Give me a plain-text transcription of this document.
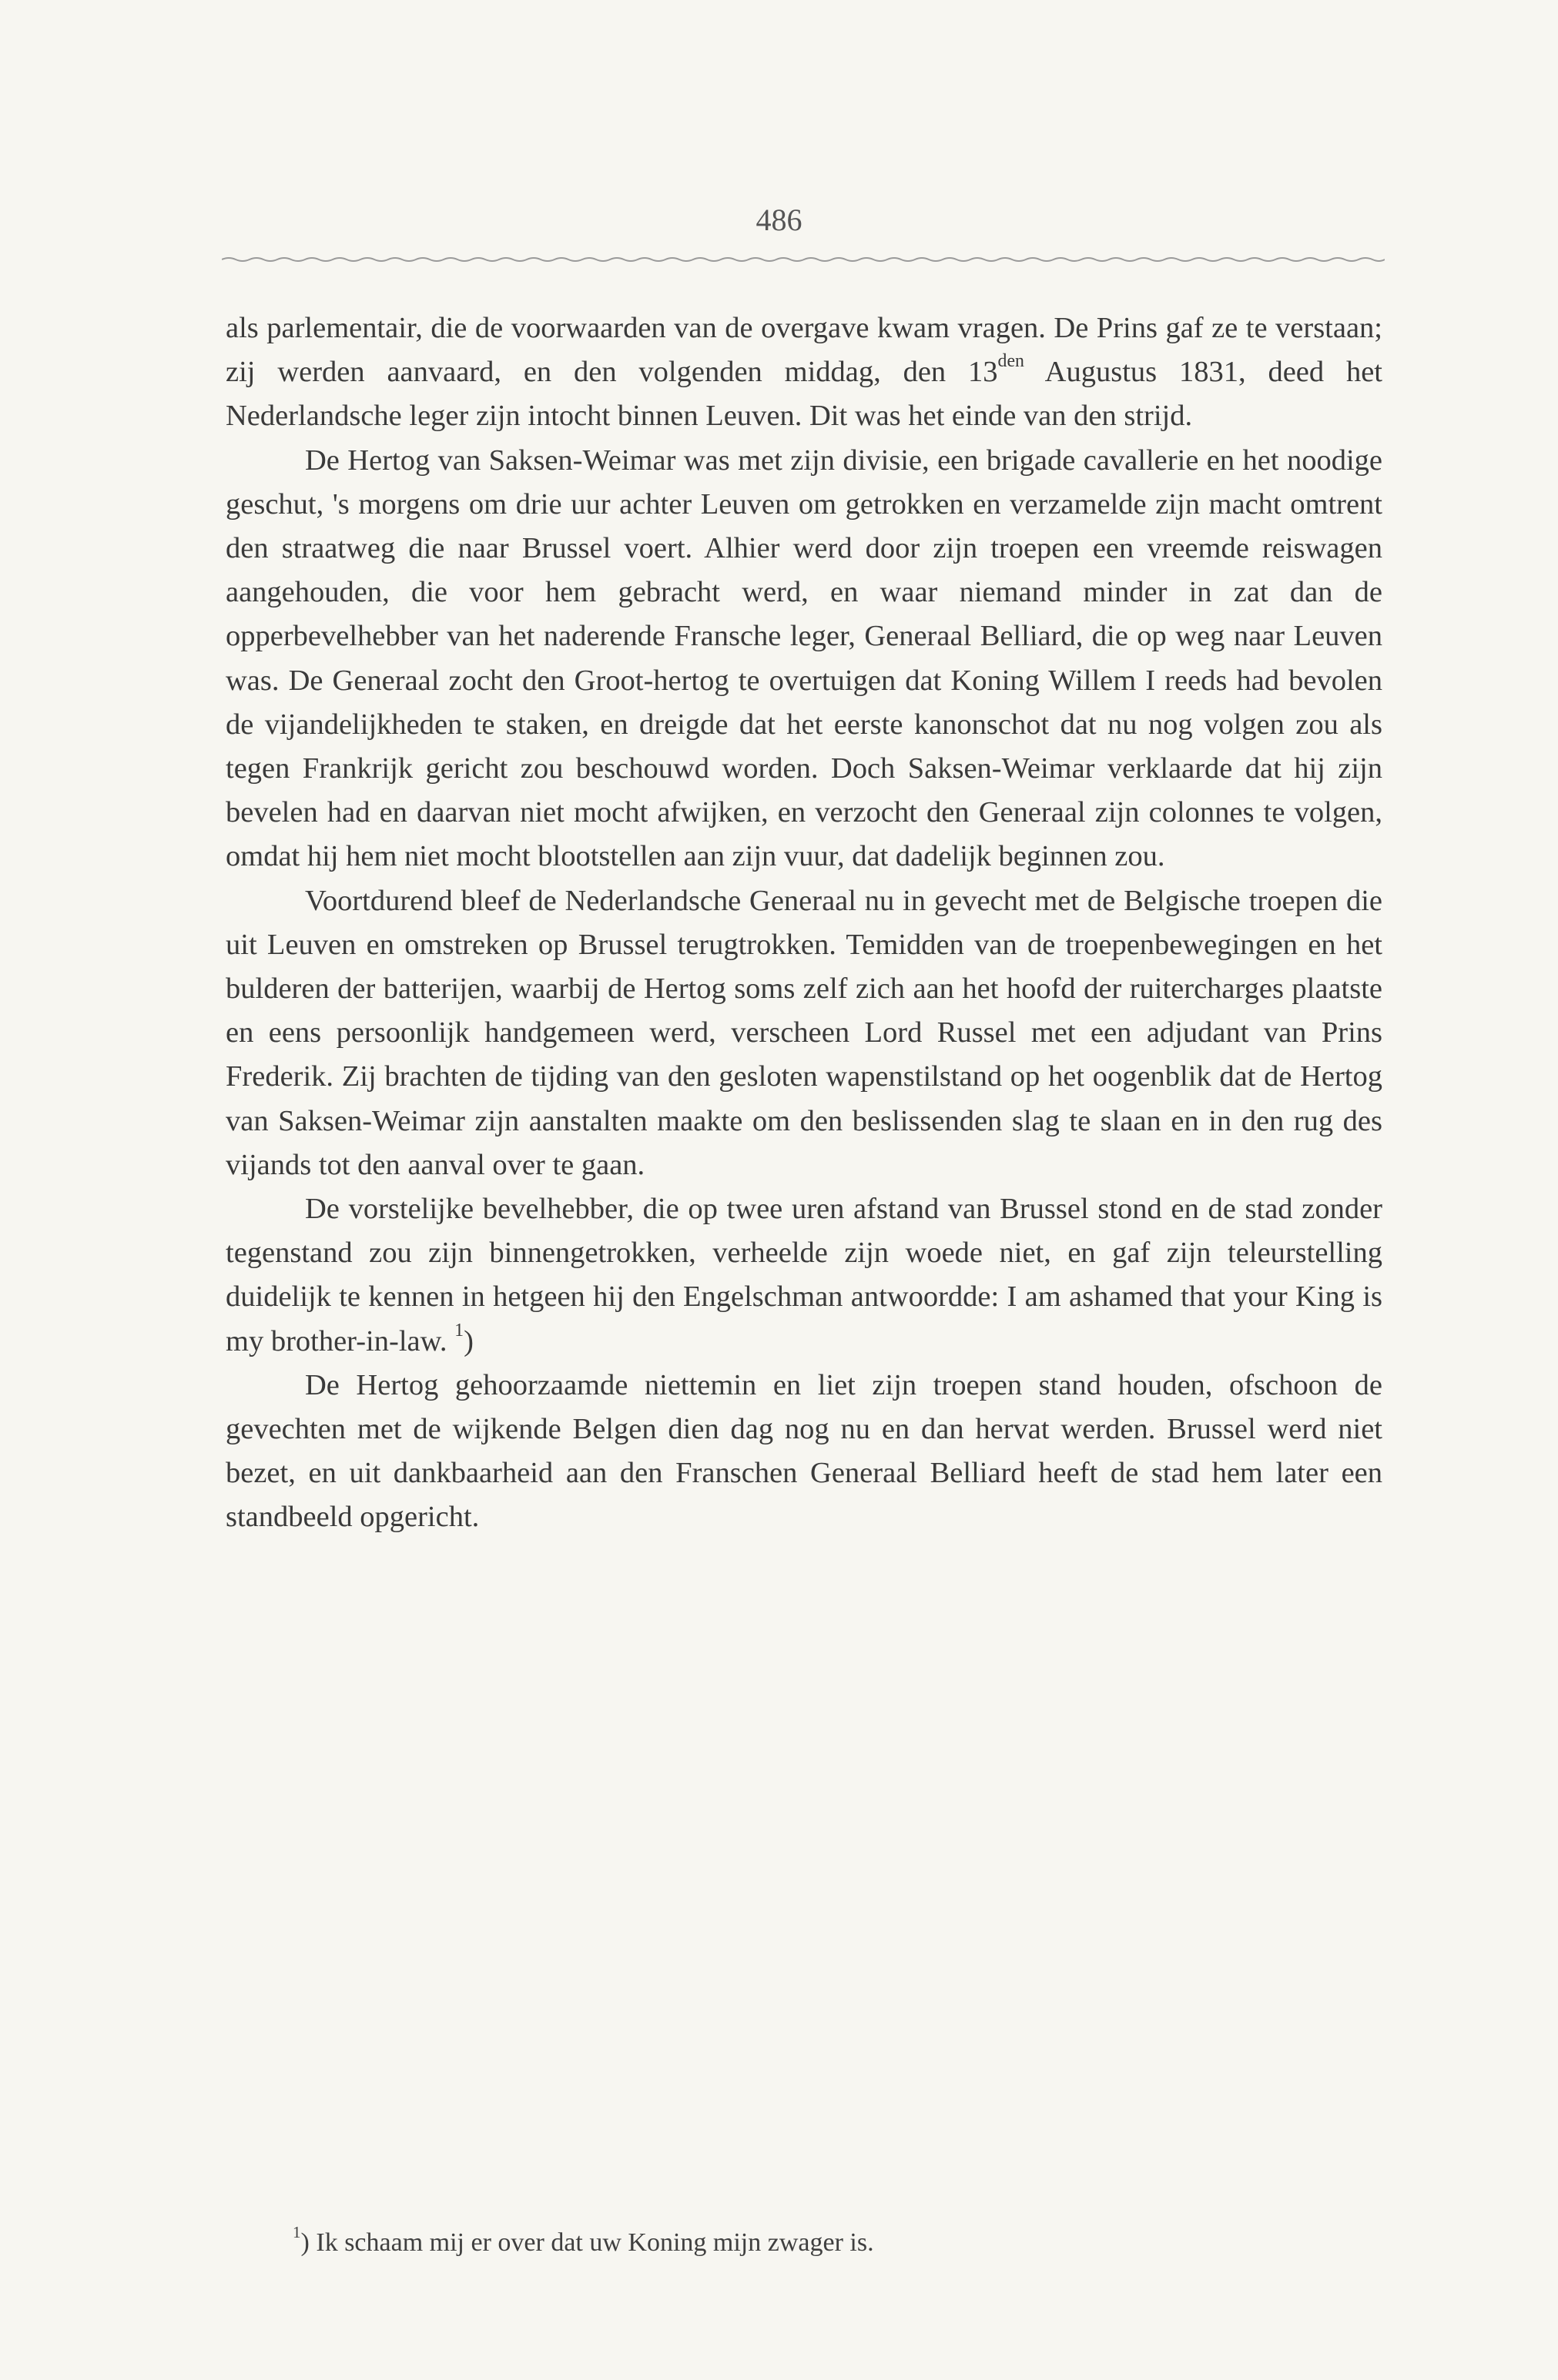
486

als parlementair, die de voorwaarden van de overgave kwam vragen. De Prins gaf ze te verstaan; zij werden aanvaard, en den volgenden middag, den $13^{den}$ Augustus 1831, deed het Nederlandsche leger zijn intocht binnen Leuven. Dit was het einde van den strijd.

De Hertog van Saksen-Weimar was met zijn divisie, een brigade cavallerie en het noodige geschut, 's morgens om drie uur achter Leuven om getrokken en verzamelde zijn macht omtrent den straatweg die naar Brussel voert. Alhier werd door zijn troepen een vreemde reiswagen aangehouden, die voor hem gebracht werd, en waar niemand minder in zat dan de opperbevelhebber van het naderende Fransche leger, Generaal Belliard, die op weg naar Leuven was. De Generaal zocht den Groot-hertog te overtuigen dat Koning Willem I reeds had bevolen de vijandelijkheden te staken, en dreigde dat het eerste kanonschot dat nu nog volgen zou als tegen Frankrijk gericht zou beschouwd worden. Doch Saksen-Weimar verklaarde dat hij zijn bevelen had en daarvan niet mocht afwijken, en verzocht den Generaal zijn colonnes te volgen, omdat hij hem niet mocht blootstellen aan zijn vuur, dat dadelijk beginnen zou.

Voortdurend bleef de Nederlandsche Generaal nu in gevecht met de Belgische troepen die uit Leuven en omstreken op Brussel terugtrokken. Temidden van de troepenbewegingen en het bulderen der batterijen, waarbij de Hertog soms zelf zich aan het hoofd der ruitercharges plaatste en eens persoonlijk handgemeen werd, verscheen Lord Russel met een adjudant van Prins Frederik. Zij brachten de tijding van den gesloten wapenstilstand op het oogenblik dat de Hertog van Saksen-Weimar zijn aanstalten maakte om den beslissenden slag te slaan en in den rug des vijands tot den aanval over te gaan.

De vorstelijke bevelhebber, die op twee uren afstand van Brussel stond en de stad zonder tegenstand zou zijn binnengetrokken, verheelde zijn woede niet, en gaf zijn teleurstelling duidelijk te kennen in hetgeen hij den Engelschman antwoordde: I am ashamed that your King is my brother-in-law. $^1$)

De Hertog gehoorzaamde niettemin en liet zijn troepen stand houden, ofschoon de gevechten met de wijkende Belgen dien dag nog nu en dan hervat werden. Brussel werd niet bezet, en uit dankbaarheid aan den Franschen Generaal Belliard heeft de stad hem later een standbeeld opgericht.

$^1$) Ik schaam mij er over dat uw Koning mijn zwager is.
